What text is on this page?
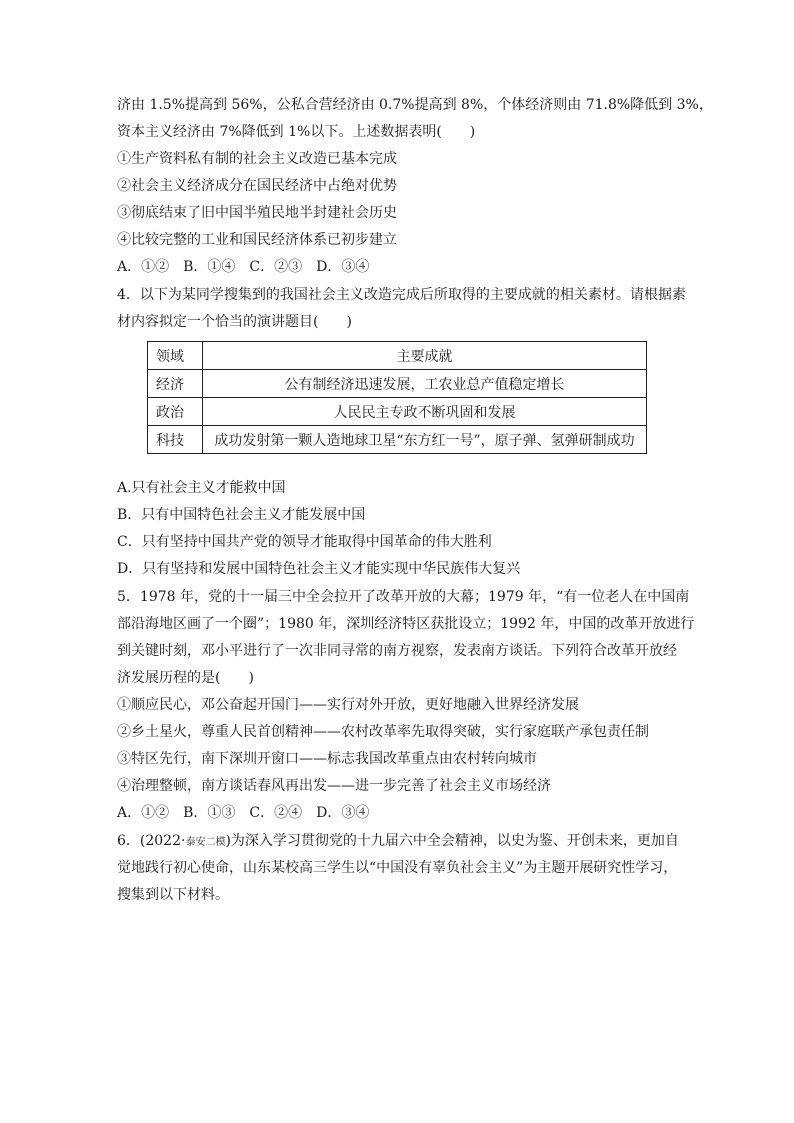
济由 1.5%提高到 56%，公私合营经济由 0.7%提高到 8%，个体经济则由 71.8%降低到 3%，
资本主义经济由 7%降低到 1%以下。上述数据表明(　　)
①生产资料私有制的社会主义改造已基本完成
②社会主义经济成分在国民经济中占绝对优势
③彻底结束了旧中国半殖民地半封建社会历史
④比较完整的工业和国民经济体系已初步建立
A．①②　B．①④　C．②③　D．③④
4．以下为某同学搜集到的我国社会主义改造完成后所取得的主要成就的相关素材。请根据素
材内容拟定一个恰当的演讲题目(　　)
领域	主要成就
经济	公有制经济迅速发展，工农业总产值稳定增长
政治	人民民主专政不断巩固和发展
科技	成功发射第一颗人造地球卫星“东方红一号”，原子弹、氢弹研制成功
A.只有社会主义才能救中国
B．只有中国特色社会主义才能发展中国
C．只有坚持中国共产党的领导才能取得中国革命的伟大胜利
D．只有坚持和发展中国特色社会主义才能实现中华民族伟大复兴
5．1978 年，党的十一届三中全会拉开了改革开放的大幕；1979 年，“有一位老人在中国南
部沿海地区画了一个圈”；1980 年，深圳经济特区获批设立；1992 年，中国的改革开放进行
到关键时刻，邓小平进行了一次非同寻常的南方视察，发表南方谈话。下列符合改革开放经
济发展历程的是(　　)
①顺应民心，邓公奋起开国门——实行对外开放，更好地融入世界经济发展
②乡土星火，尊重人民首创精神——农村改革率先取得突破，实行家庭联产承包责任制
③特区先行，南下深圳开窗口——标志我国改革重点由农村转向城市
④治理整顿，南方谈话春风再出发——进一步完善了社会主义市场经济
A．①②　B．①③　C．②④　D．③④
6．(2022·泰安二模)为深入学习贯彻党的十九届六中全会精神，以史为鉴、开创未来，更加自
觉地践行初心使命，山东某校高三学生以“中国没有辜负社会主义”为主题开展研究性学习，
搜集到以下材料。
